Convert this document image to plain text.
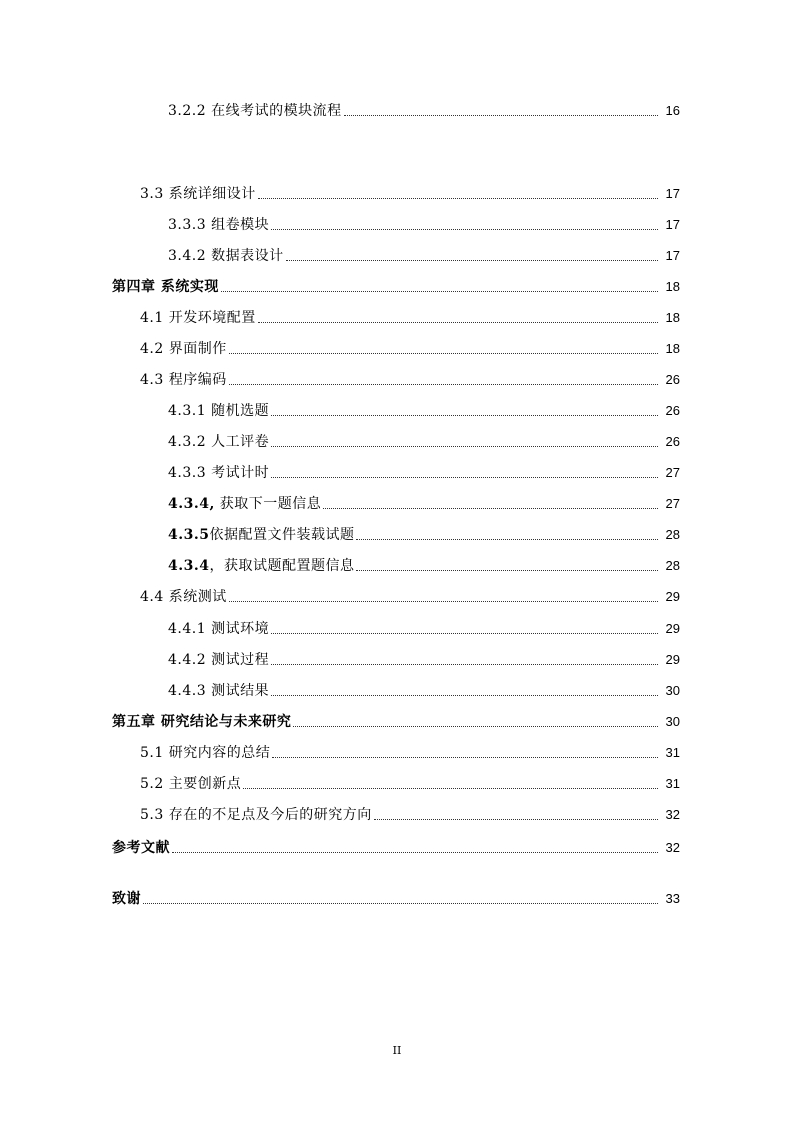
3.2.2 在线考试的模块流程	16
3.3 系统详细设计	17
3.3.3 组卷模块	17
3.4.2 数据表设计	17
第四章 系统实现	18
4.1 开发环境配置	18
4.2 界面制作	18
4.3 程序编码	26
4.3.1 随机选题	26
4.3.2 人工评卷	26
4.3.3 考试计时	27
4.3.4, 获取下一题信息	27
4.3.5依据配置文件装载试题	28
4.3.4，获取试题配置题信息	28
4.4 系统测试	29
4.4.1 测试环境	29
4.4.2 测试过程	29
4.4.3 测试结果	30
第五章 研究结论与未来研究	30
5.1 研究内容的总结	31
5.2 主要创新点	31
5.3 存在的不足点及今后的研究方向	32
参考文献	32
致谢	33
II
